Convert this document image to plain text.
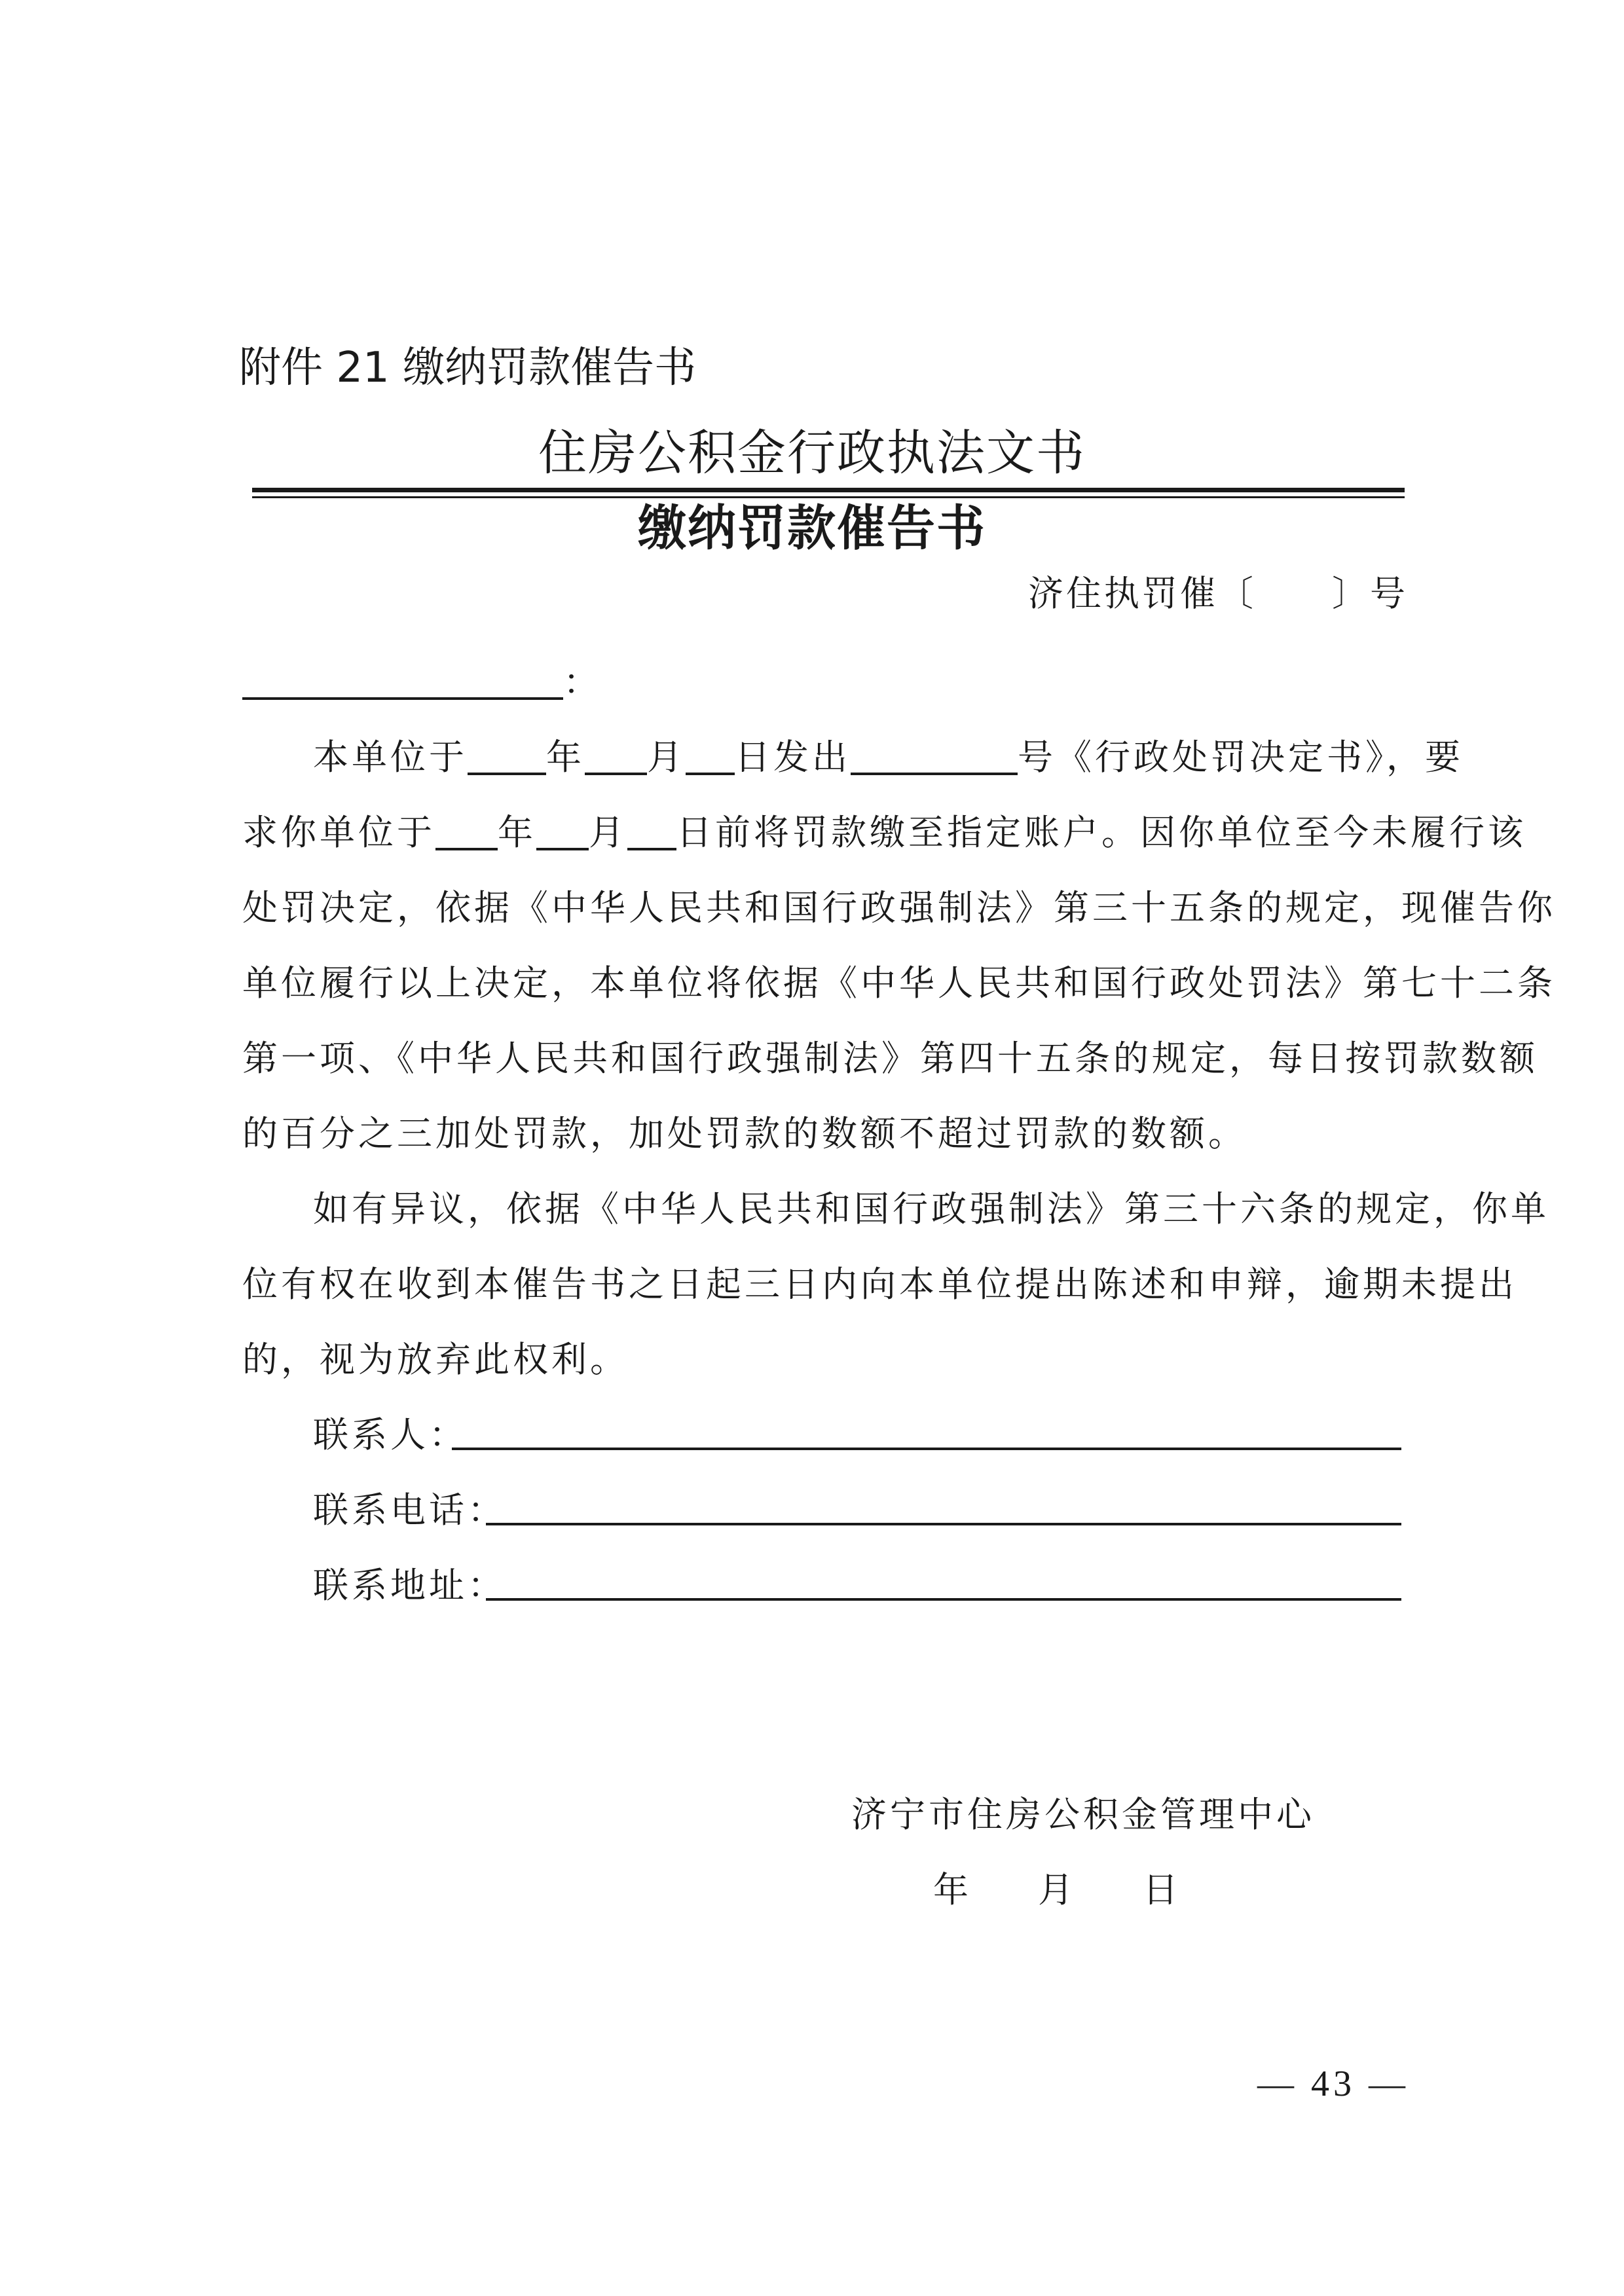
附件 21 缴纳罚款催告书
住房公积金行政执法文书
缴纳罚款催告书
济住执罚催〔　　〕号
：
本单位于 年 月 日发出	号《行政处罚决定书》，要
求你单位于 年 月 日前将罚款缴至指定账户。因你单位至今未履行该
处罚决定，依据《中华人民共和国行政强制法》第三十五条的规定，现催告你
单位履行以上决定，本单位将依据《中华人民共和国行政处罚法》第七十二条
第一项、《中华人民共和国行政强制法》第四十五条的规定，每日按罚款数额
的百分之三加处罚款，加处罚款的数额不超过罚款的数额。
如有异议，依据《中华人民共和国行政强制法》第三十六条的规定，你单
位有权在收到本催告书之日起三日内向本单位提出陈述和申辩，逾期未提出
的，视为放弃此权利。
联系人：
联系电话：
联系地址：
济宁市住房公积金管理中心
年 月 日
— 43 —
